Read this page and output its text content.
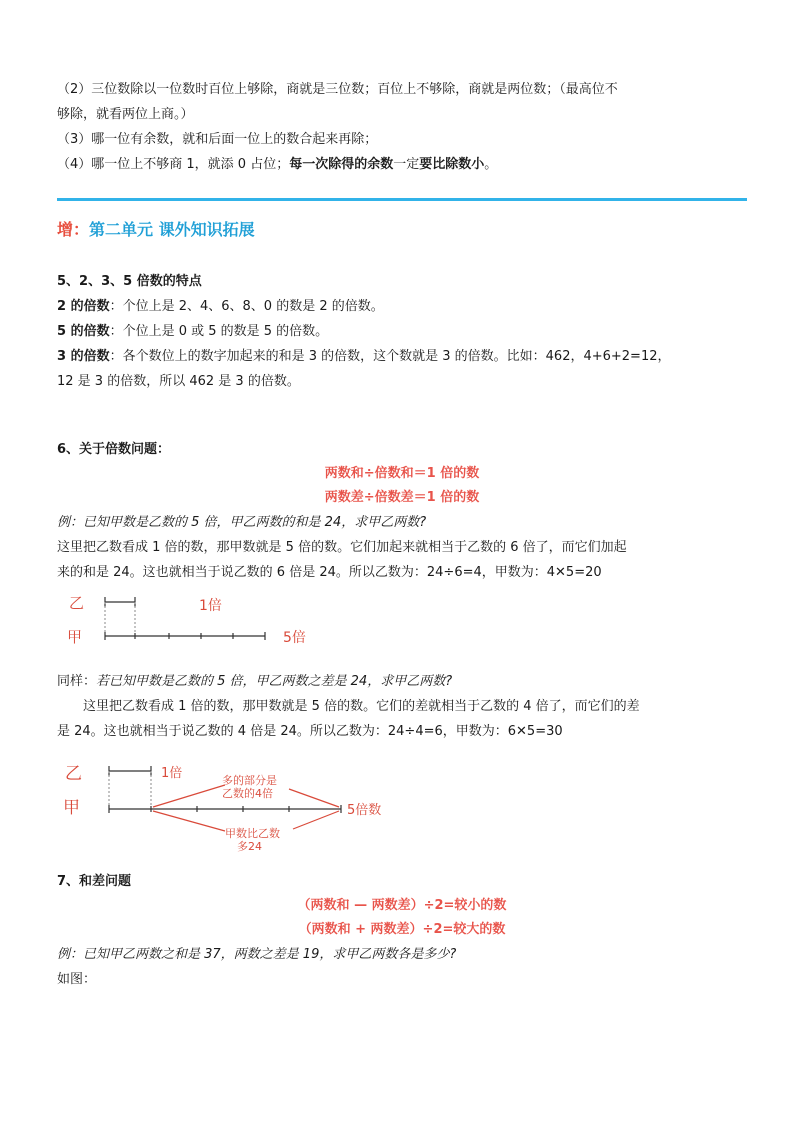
（2）三位数除以一位数时百位上够除，商就是三位数；百位上不够除，商就是两位数；（最高位不

够除，就看两位上商。）

（3）哪一位有余数，就和后面一位上的数合起来再除；

（4）哪一位上不够商 1，就添 0 占位；每一次除得的余数一定要比除数小。

增：第二单元 课外知识拓展

5、2、3、5 倍数的特点

2 的倍数：个位上是 2、4、6、8、0 的数是 2 的倍数。

5 的倍数：个位上是 0 或 5 的数是 5 的倍数。

3 的倍数：各个数位上的数字加起来的和是 3 的倍数，这个数就是 3 的倍数。比如：462，4+6+2=12，

12 是 3 的倍数，所以 462 是 3 的倍数。

6、关于倍数问题：

两数和÷倍数和＝1 倍的数

两数差÷倍数差＝1 倍的数

例：已知甲数是乙数的 5 倍，甲乙两数的和是 24，求甲乙两数?

这里把乙数看成 1 倍的数，那甲数就是 5 倍的数。它们加起来就相当于乙数的 6 倍了，而它们加起

来的和是 24。这也就相当于说乙数的 6 倍是 24。所以乙数为：24÷6=4，甲数为：4✕5=20

乙
甲
1倍
5倍

同样：若已知甲数是乙数的 5 倍，甲乙两数之差是 24，求甲乙两数?

这里把乙数看成 1 倍的数，那甲数就是 5 倍的数。它们的差就相当于乙数的 4 倍了，而它们的差

是 24。这也就相当于说乙数的 4 倍是 24。所以乙数为：24÷4=6，甲数为：6✕5=30

乙
甲
1倍	多的部分是
乙数的4倍
甲数比乙数
多24
5倍数

7、和差问题

（两数和 — 两数差）÷2=较小的数

（两数和 + 两数差）÷2=较大的数

例：已知甲乙两数之和是 37，两数之差是 19，求甲乙两数各是多少?

如图：
